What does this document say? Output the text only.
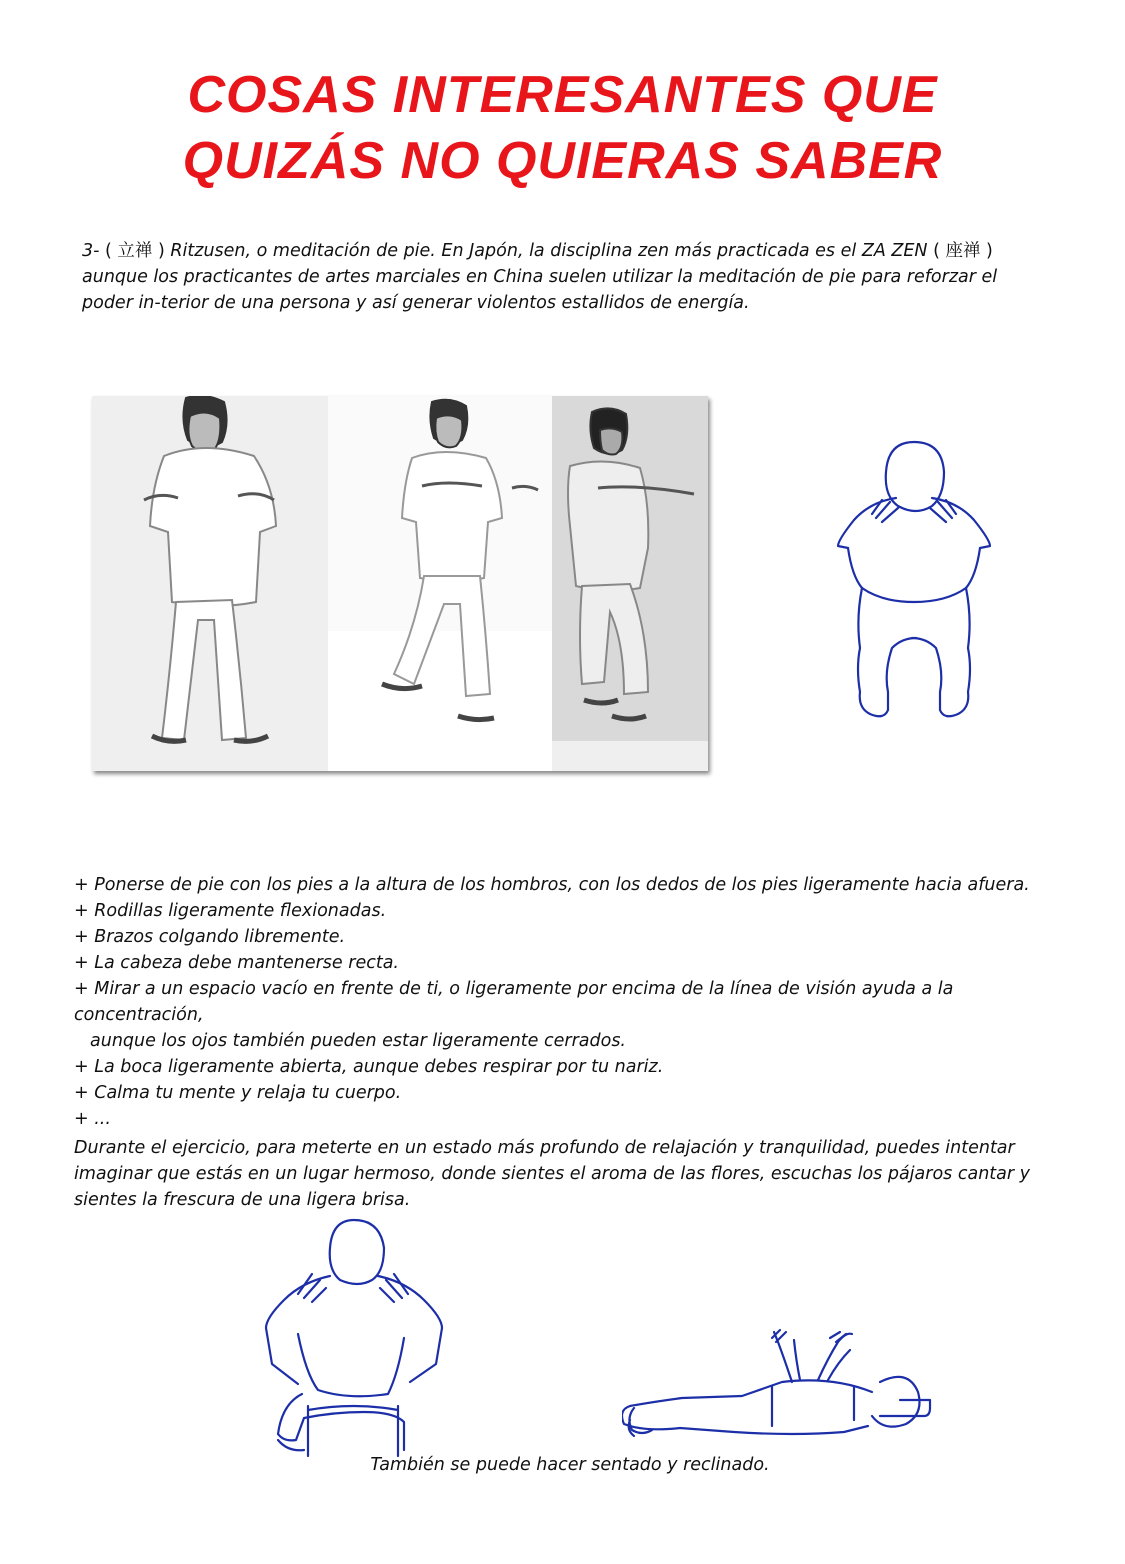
COSAS INTERESANTES QUE
QUIZÁS NO QUIERAS SABER
3- ( 立禅 ) Ritzusen, o meditación de pie. En Japón, la disciplina zen más practicada es el ZA ZEN ( 座禅 ) aunque los practicantes de artes marciales en China suelen utilizar la meditación de pie para reforzar el poder in-terior de una persona y así generar violentos estallidos de energía.
+ Ponerse de pie con los pies a la altura de los hombros, con los dedos de los pies ligeramente hacia afuera.
+ Rodillas ligeramente flexionadas.
+ Brazos colgando libremente.
+ La cabeza debe mantenerse recta.
+ Mirar a un espacio vacío en frente de ti, o ligeramente por encima de la línea de visión ayuda a la concentración,
aunque los ojos también pueden estar ligeramente cerrados.
+ La boca ligeramente abierta, aunque debes respirar por tu nariz.
+ Calma tu mente y relaja tu cuerpo.
+ ...
Durante el ejercicio, para meterte en un estado más profundo de relajación y tranquilidad, puedes intentar imaginar que estás en un lugar hermoso, donde sientes el aroma de las flores, escuchas los pájaros cantar y sientes la frescura de una ligera brisa.
También se puede hacer sentado y reclinado.
